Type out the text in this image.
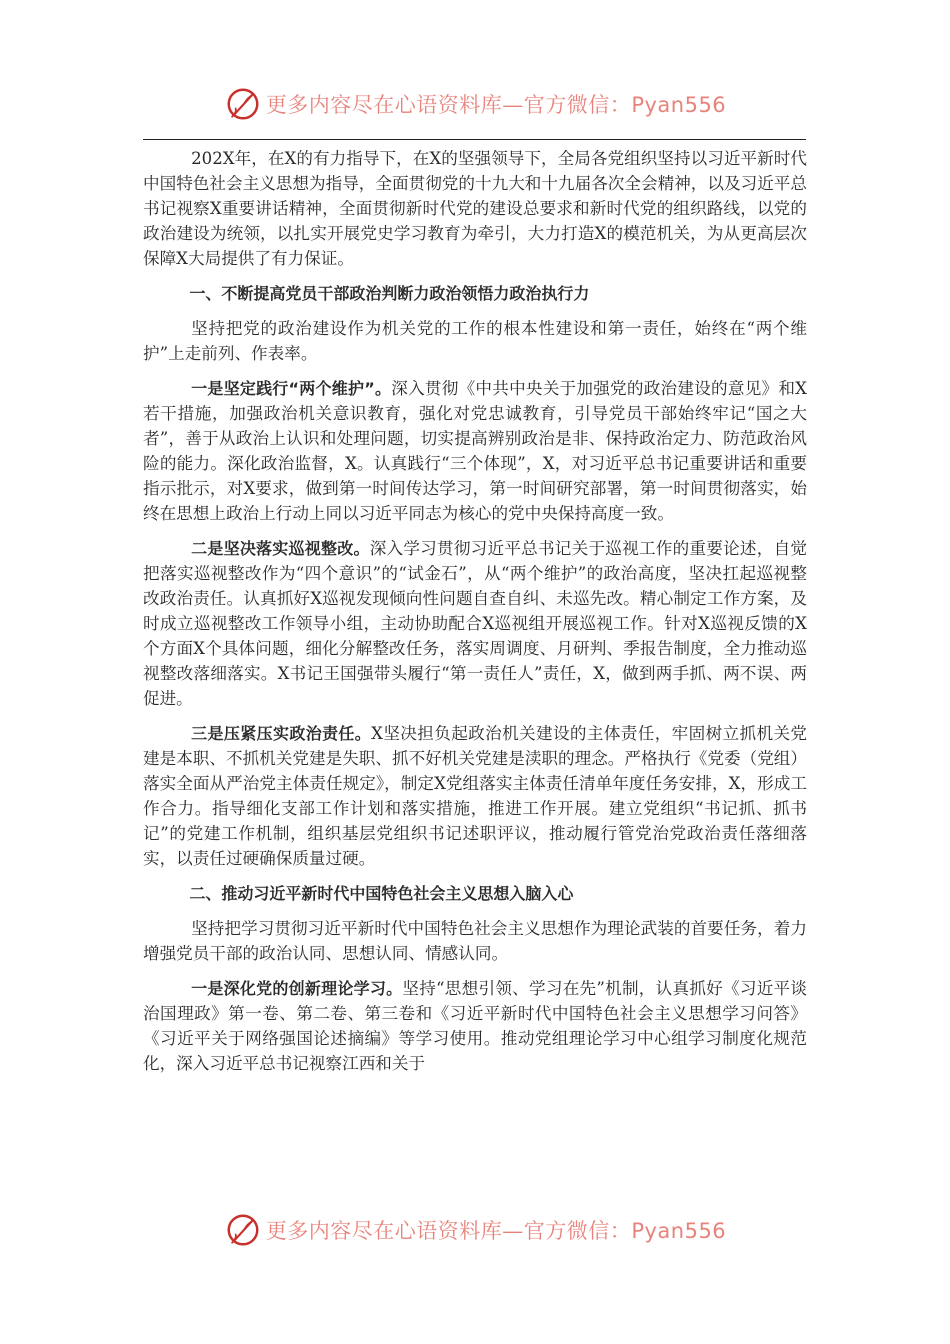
更多内容尽在心语资料库—官方微信：Pyan556

202X年，在X的有力指导下，在X的坚强领导下，全局各党组织坚持以习近平新时代中国特色社会主义思想为指导，全面贯彻党的十九大和十九届各次全会精神，以及习近平总书记视察X重要讲话精神，全面贯彻新时代党的建设总要求和新时代党的组织路线，以党的政治建设为统领，以扎实开展党史学习教育为牵引，大力打造X的模范机关，为从更高层次保障X大局提供了有力保证。

一、不断提高党员干部政治判断力政治领悟力政治执行力

坚持把党的政治建设作为机关党的工作的根本性建设和第一责任，始终在“两个维护”上走前列、作表率。

一是坚定践行“两个维护”。深入贯彻《中共中央关于加强党的政治建设的意见》和X若干措施，加强政治机关意识教育，强化对党忠诚教育，引导党员干部始终牢记“国之大者”，善于从政治上认识和处理问题，切实提高辨别政治是非、保持政治定力、防范政治风险的能力。深化政治监督，X。认真践行“三个体现”，X，对习近平总书记重要讲话和重要指示批示，对X要求，做到第一时间传达学习，第一时间研究部署，第一时间贯彻落实，始终在思想上政治上行动上同以习近平同志为核心的党中央保持高度一致。

二是坚决落实巡视整改。深入学习贯彻习近平总书记关于巡视工作的重要论述，自觉把落实巡视整改作为“四个意识”的“试金石”，从“两个维护”的政治高度，坚决扛起巡视整改政治责任。认真抓好X巡视发现倾向性问题自查自纠、未巡先改。精心制定工作方案，及时成立巡视整改工作领导小组，主动协助配合X巡视组开展巡视工作。针对X巡视反馈的X个方面X个具体问题，细化分解整改任务，落实周调度、月研判、季报告制度，全力推动巡视整改落细落实。X书记王国强带头履行“第一责任人”责任，X，做到两手抓、两不误、两促进。

三是压紧压实政治责任。X坚决担负起政治机关建设的主体责任，牢固树立抓机关党建是本职、不抓机关党建是失职、抓不好机关党建是渎职的理念。严格执行《党委（党组）落实全面从严治党主体责任规定》，制定X党组落实主体责任清单年度任务安排，X，形成工作合力。指导细化支部工作计划和落实措施，推进工作开展。建立党组织“书记抓、抓书记”的党建工作机制，组织基层党组织书记述职评议，推动履行管党治党政治责任落细落实，以责任过硬确保质量过硬。

二、推动习近平新时代中国特色社会主义思想入脑入心

坚持把学习贯彻习近平新时代中国特色社会主义思想作为理论武装的首要任务，着力增强党员干部的政治认同、思想认同、情感认同。

一是深化党的创新理论学习。坚持“思想引领、学习在先”机制，认真抓好《习近平谈治国理政》第一卷、第二卷、第三卷和《习近平新时代中国特色社会主义思想学习问答》《习近平关于网络强国论述摘编》等学习使用。推动党组理论学习中心组学习制度化规范化，深入习近平总书记视察江西和关于

更多内容尽在心语资料库—官方微信：Pyan556
